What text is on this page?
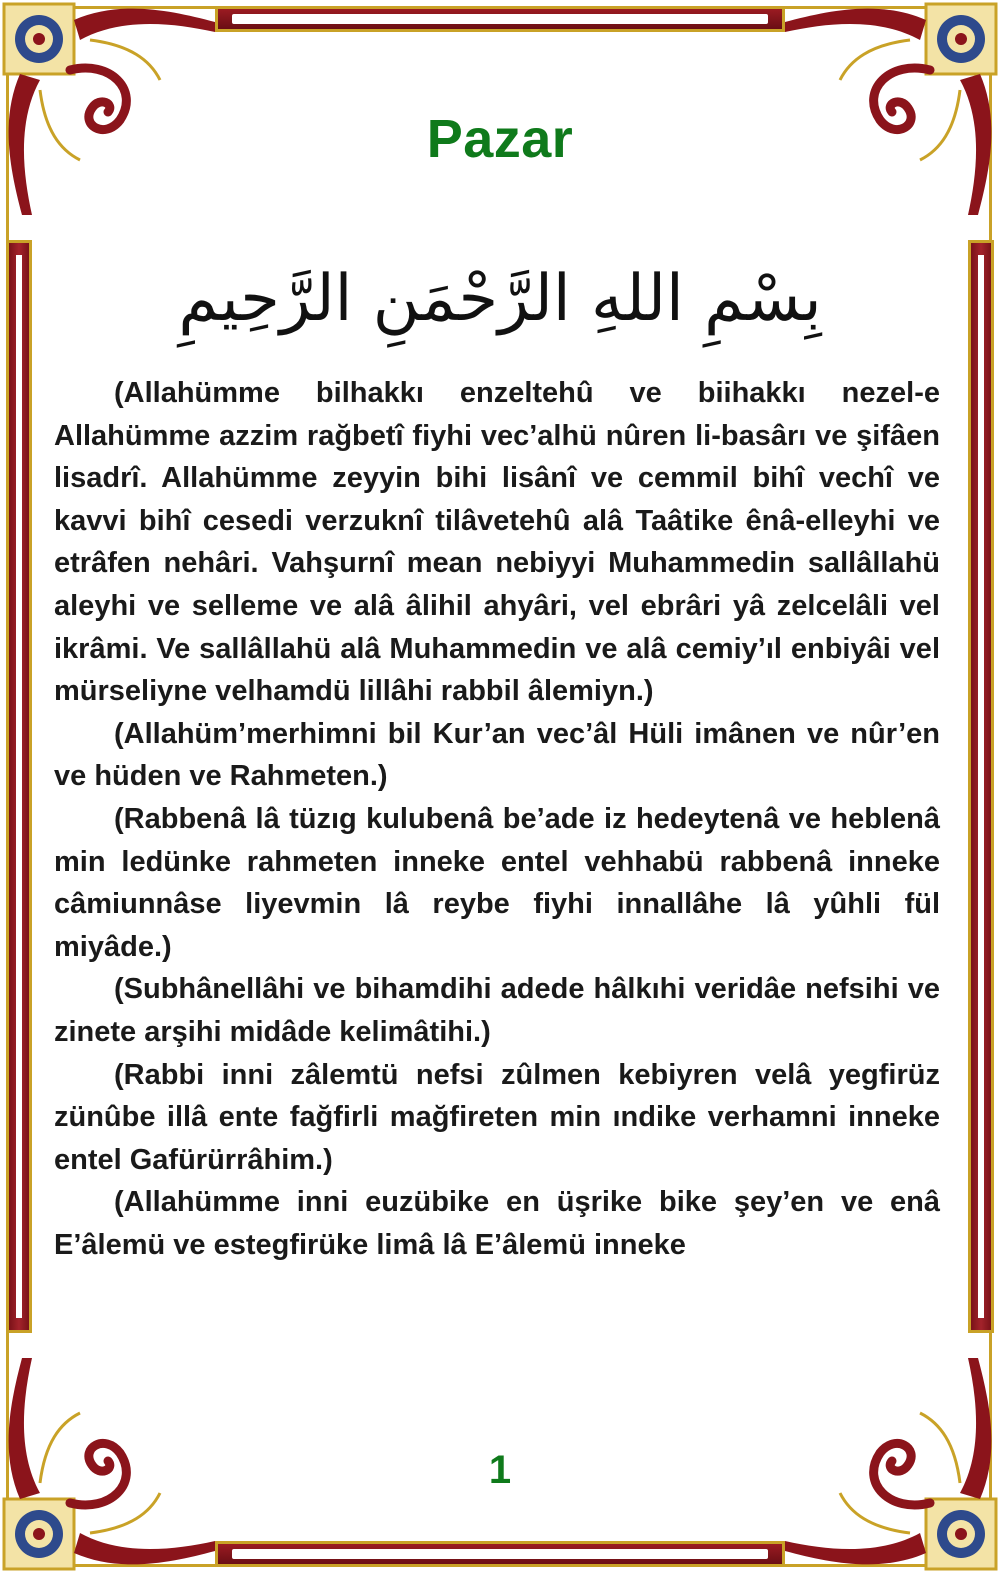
Pazar
بِسْمِ اللهِ الرَّحْمَنِ الرَّحِيمِ

(Allahümme bilhakkı enzeltehû ve biihakkı nezel-e Allahümme azzim rağbetî fiyhi vec’alhü nûren li-basârı ve şifâen lisadrî. Allahümme zeyyin bihi lisânî ve cemmil bihî vechî ve kavvi bihî cesedi verzuknî tilâvetehû alâ Taâtike ênâ-elleyhi ve etrâfen nehâri. Vahşurnî mean nebiyyi Muhammedin sallâllahü aleyhi ve selleme ve alâ âlihil ahyâri, vel ebrâri yâ zelcelâli vel ikrâmi. Ve sallâllahü alâ Muhammedin ve alâ cemiy’ıl enbiyâi vel mürseliyne velhamdü lillâhi rabbil âlemiyn.)

(Allahüm’merhimni bil Kur’an vec’âl Hüli imânen ve nûr’en ve hüden ve Rahmeten.)

(Rabbenâ lâ tüzıg kulubenâ be’ade iz hedeytenâ ve heblenâ min ledünke rahmeten inneke entel vehhabü rabbenâ inneke câmiunnâse liyevmin lâ reybe fiyhi innallâhe lâ yûhli fül miyâde.)

(Subhânellâhi ve bihamdihi adede hâlkıhi veridâe nefsihi ve zinete arşihi midâde kelimâtihi.)

(Rabbi inni zâlemtü nefsi zûlmen kebiyren velâ yegfirüz zünûbe illâ ente fağfirli mağfireten min ındike verhamni inneke entel Gafürürrâhim.)

(Allahümme inni euzübike en üşrike bike şey’en ve enâ E’âlemü ve estegfirüke limâ lâ E’âlemü inneke

1
